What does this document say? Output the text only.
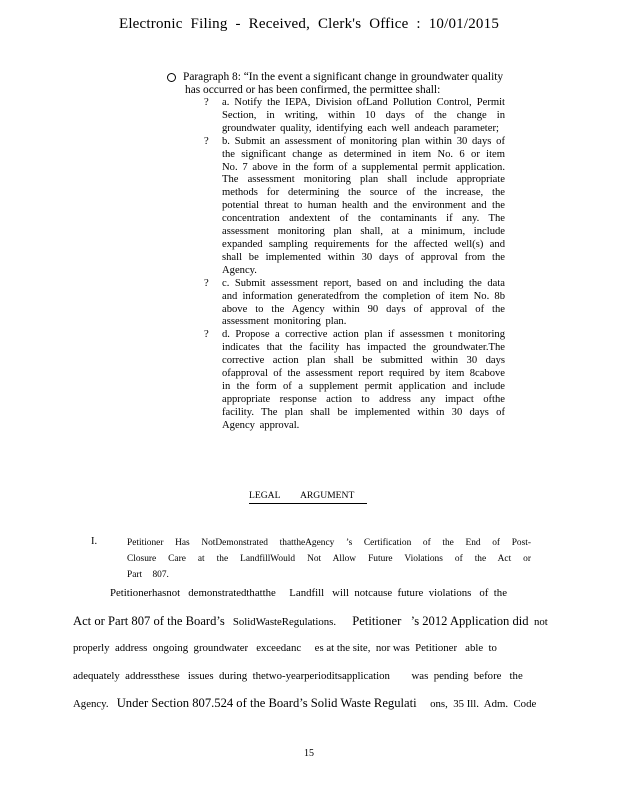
Electronic Filing - Received, Clerk's Office : 10/01/2015
Paragraph 8: “In the event a significant change in groundwater quality has occurred or has been confirmed, the permittee shall:
? a. Notify the IEPA, Division ofLand Pollution Control, Permit Section, in writing, within 10 days of the change in groundwater quality, identifying each well andeach parameter;
? b. Submit an assessment of monitoring plan within 30 days of the significant change as determined in item No. 6 or item No. 7 above in the form of a supplemental permit application. The assessment monitoring plan shall include appropriate methods for determining the source of the increase, the potential threat to human health and the environment and the concentration andextent of the contaminants if any. The assessment monitoring plan shall, at a minimum, include expanded sampling requirements for the affected well(s) and shall be implemented within 30 days of approval from the Agency.
? c. Submit assessment report, based on and including the data and information generatedfrom the completion of item No. 8b above to the Agency within 90 days of approval of the assessment monitoring plan.
? d. Propose a corrective action plan if assessmen t monitoring indicates that the facility has impacted the groundwater.The corrective action plan shall be submitted within 30 days ofapproval of the assessment report required by item 8cabove in the form of a supplement permit application and include appropriate response action to address any impact ofthe facility. The plan shall be implemented within 30 days of Agency approval.
LEGAL ARGUMENT
I.	Petitioner Has NotDemonstrated thattheAgency ’s Certification of the End of Post-Closure Care at the LandfillWould Not Allow Future Violations of the Act or Part 807.
Petitionerhasnot   demonstratedthatthe     Landfill   will  notcause  future  violations   of  the
Act or Part 807 of the Board’s   SolidWasteRegulations.      Petitioner   ’s 2012 Application did  not
properly  address  ongoing  groundwater   exceedanc     es at the site,  nor was  Petitioner   able  to
adequately  addressthese   issues  during  thetwo-yearperioditsapplication        was  pending  before   the
Agency.   Under Section 807.524 of the Board’s Solid Waste Regulati     ons,  35 Ill.  Adm.  Code
15
